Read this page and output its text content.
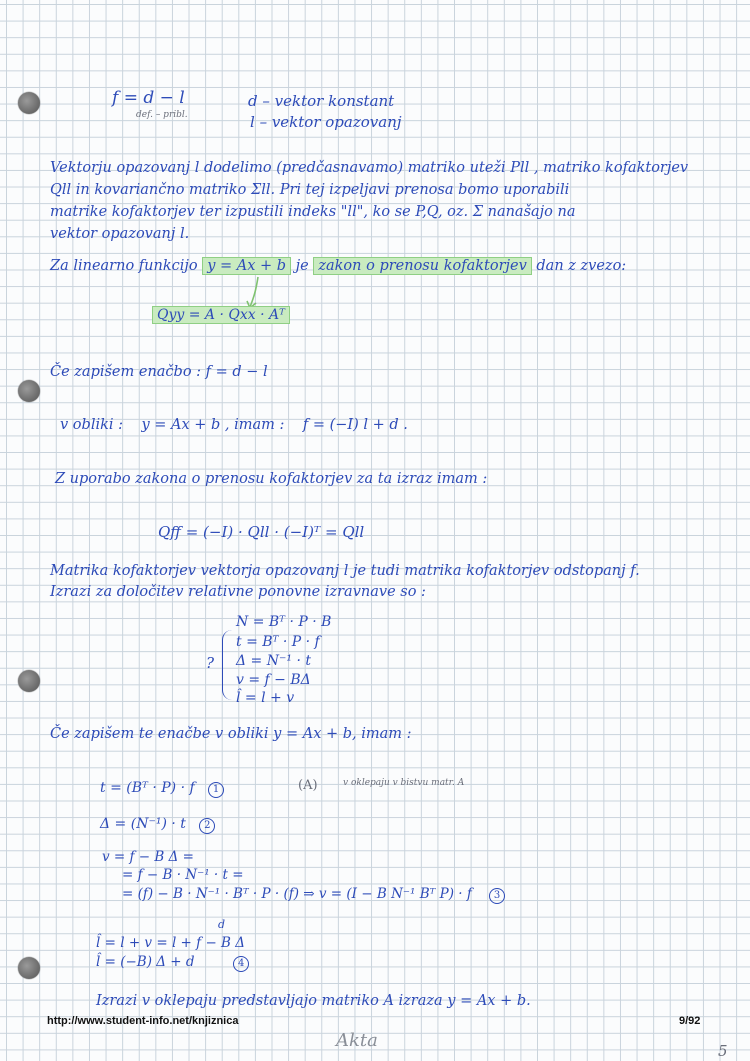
f = d − l
def. – pribl.
d – vektor konstant
l – vektor opazovanj
Vektorju opazovanj l dodelimo (predčasnavamo) matriko uteži Pll , matriko kofaktorjev
Qll in kovariančno matriko Σll. Pri tej izpeljavi prenosa bomo uporabili
matrike kofaktorjev ter izpustili indeks "ll", ko se P,Q, oz. Σ nanašajo na
vektor opazovanj l.
Za linearno funkcijo y = Ax + b je zakon o prenosu kofaktorjev dan z zvezo:
Qyy = A · Qxx · Aᵀ
Če zapišem enačbo : f = d − l
v obliki : y = Ax + b , imam : f = (−I) l + d .
Z uporabo zakona o prenosu kofaktorjev za ta izraz imam :
Qff = (−I) · Qll · (−I)ᵀ = Qll
Matrika kofaktorjev vektorja opazovanj l je tudi matrika kofaktorjev odstopanj f.
Izrazi za določitev relativne ponovne izravnave so :
?
N = Bᵀ · P · B
t = Bᵀ · P · f
Δ = N⁻¹ · t
v = f − BΔ
l̂ = l + v
Če zapišem te enačbe v obliki y = Ax + b, imam :
t = (Bᵀ · P) · f 1	(A)	v oklepaju v bistvu matr. A
Δ = (N⁻¹) · t 2
v = f − B Δ =
= f − B · N⁻¹ · t =
= (f) − B · N⁻¹ · Bᵀ · P · (f) ⇒ v = (I − B N⁻¹ Bᵀ P) · f 3
d
l̂ = l + v = l + f − B Δ
l̂ = (−B) Δ + d	4
Izrazi v oklepaju predstavljajo matriko A izraza y = Ax + b.
http://www.student-info.net/knjiznica	9/92
Akta	5
